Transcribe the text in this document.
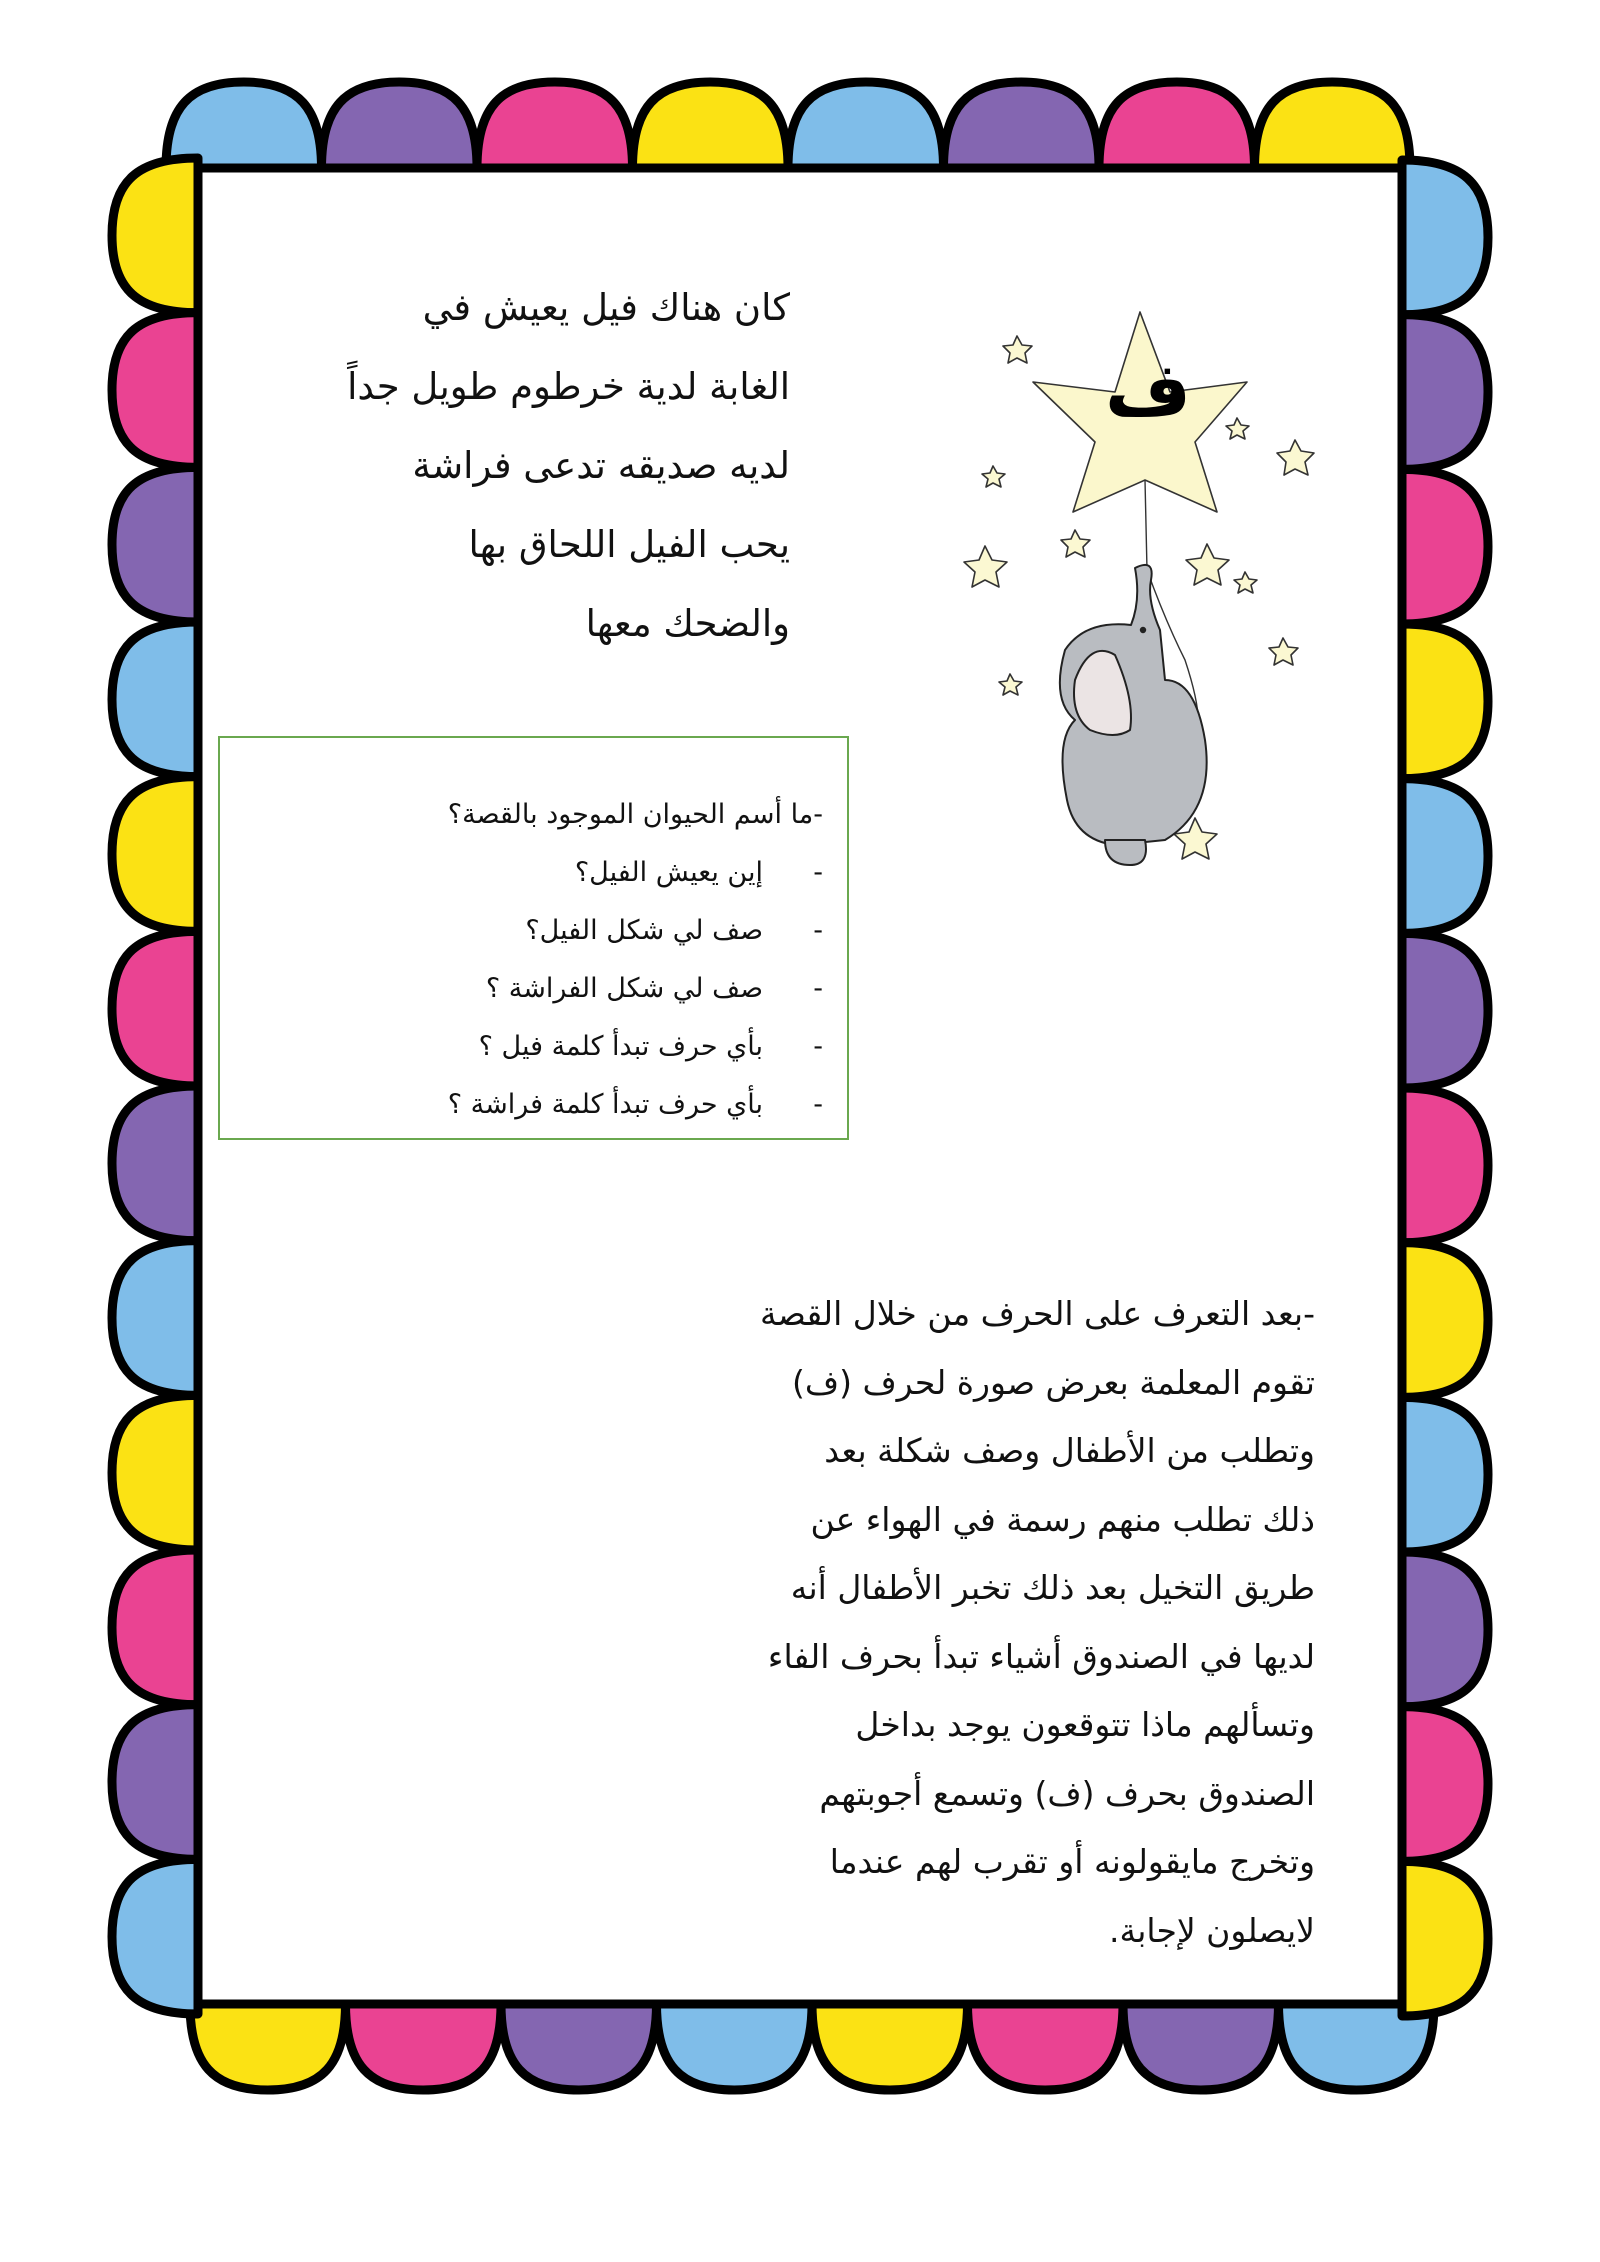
كان هناك فيل يعيش في
الغابة لدية خرطوم طويل جداً
لديه صديقه تدعى فراشة
يحب الفيل اللحاق بها
والضحك معها
ف
-ما أسم الحيوان الموجود بالقصة؟
-
إين يعيش الفيل؟
-
صف لي شكل الفيل؟
-
صف لي شكل الفراشة ؟
-
بأي حرف تبدأ كلمة فيل ؟
-
بأي حرف تبدأ كلمة فراشة ؟
-بعد التعرف على الحرف من خلال القصة
تقوم المعلمة بعرض صورة لحرف (ف)
وتطلب من الأطفال وصف شكلة بعد
ذلك تطلب منهم رسمة في الهواء عن
طريق التخيل بعد ذلك تخبر الأطفال أنه
لديها في الصندوق أشياء تبدأ بحرف الفاء
وتسألهم ماذا تتوقعون يوجد بداخل
الصندوق بحرف (ف) وتسمع أجوبتهم
وتخرج مايقولونه أو تقرب لهم عندما
لايصلون لإجابة.
